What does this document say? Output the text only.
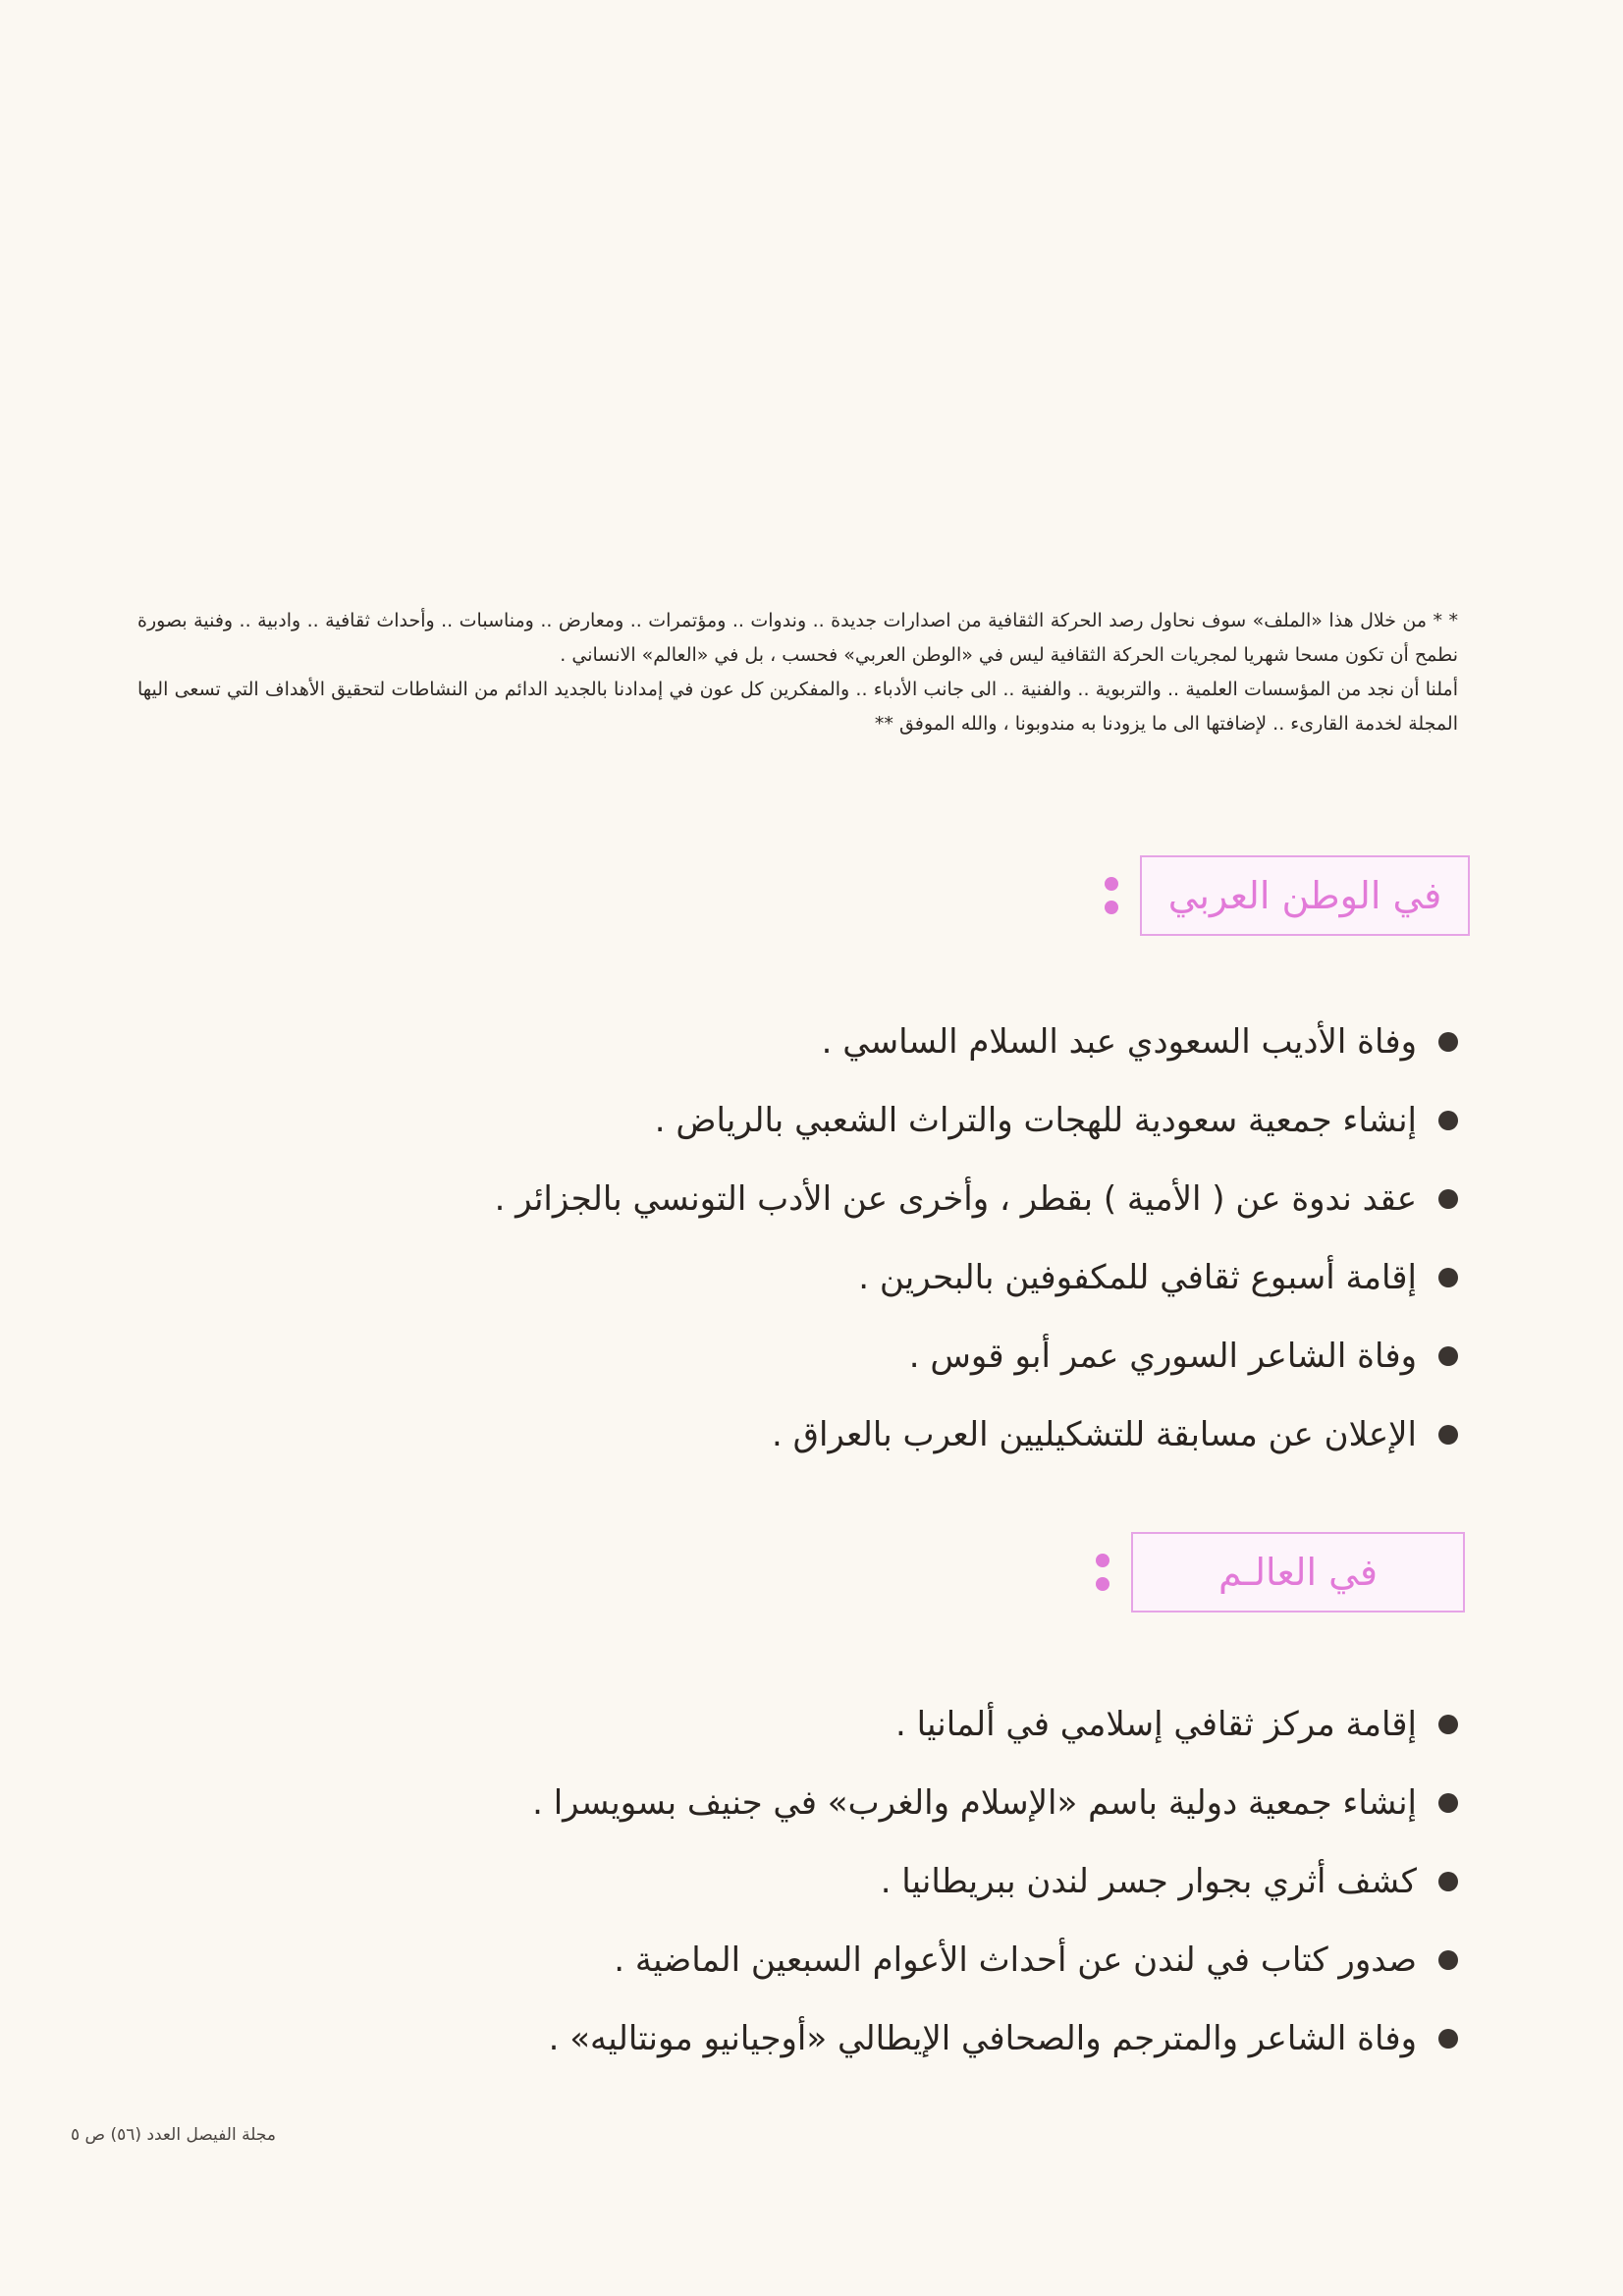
* * من خلال هذا «الملف» سوف نحاول رصد الحركة الثقافية من اصدارات جديدة .. وندوات .. ومؤتمرات .. ومعارض .. ومناسبات .. وأحداث ثقافية .. وادبية .. وفنية بصورة نطمح أن تكون مسحا شهريا لمجريات الحركة الثقافية ليس في «الوطن العربي» فحسب ، بل في «العالم» الانساني .

أملنا أن نجد من المؤسسات العلمية .. والتربوية .. والفنية .. الى جانب الأدباء .. والمفكرين كل عون في إمدادنا بالجديد الدائم من النشاطات لتحقيق الأهداف التي تسعى اليها المجلة لخدمة القارىء .. لإضافتها الى ما يزودنا به مندوبونا ، والله الموفق **

في الوطن العربي
وفاة الأديب السعودي عبد السلام الساسي .
إنشاء جمعية سعودية للهجات والتراث الشعبي بالرياض .
عقد ندوة عن ( الأمية ) بقطر ، وأخرى عن الأدب التونسي بالجزائر .
إقامة أسبوع ثقافي للمكفوفين بالبحرين .
وفاة الشاعر السوري عمر أبو قوس .
الإعلان عن مسابقة للتشكيليين العرب بالعراق .
في العالـم
إقامة مركز ثقافي إسلامي في ألمانيا .
إنشاء جمعية دولية باسم «الإسلام والغرب» في جنيف بسويسرا .
كشف أثري بجوار جسر لندن ببريطانيا .
صدور كتاب في لندن عن أحداث الأعوام السبعين الماضية .
وفاة الشاعر والمترجم والصحافي الإيطالي «أوجيانيو مونتاليه» .
مجلة الفيصل العدد (٥٦) ص ٥
